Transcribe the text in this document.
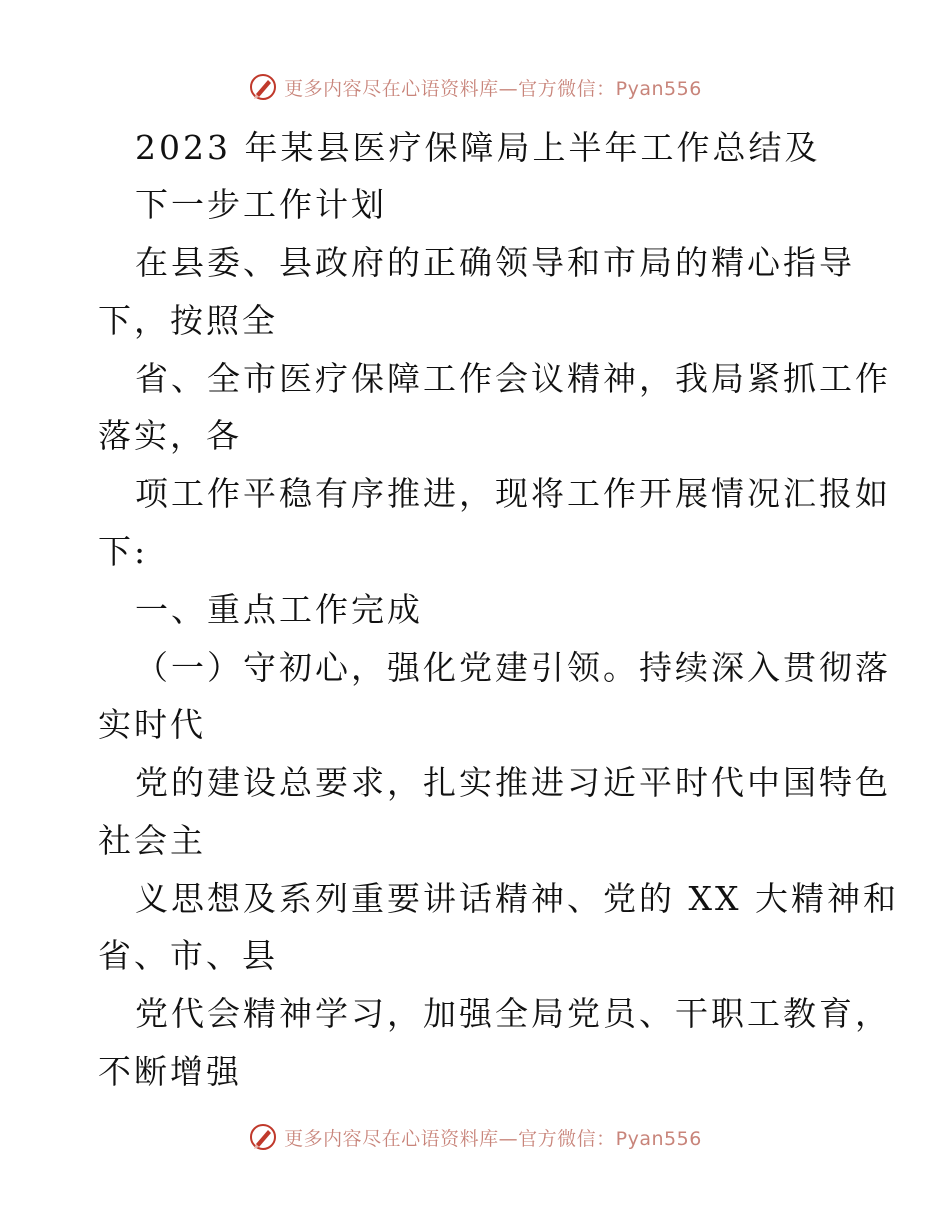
更多内容尽在心语资料库—官方微信：Pyan556
2023 年某县医疗保障局上半年工作总结及
下一步工作计划
在县委、县政府的正确领导和市局的精心指导
下，按照全
省、全市医疗保障工作会议精神，我局紧抓工作
落实，各
项工作平稳有序推进，现将工作开展情况汇报如
下:
一、重点工作完成
（一）守初心，强化党建引领。持续深入贯彻落
实时代
党的建设总要求，扎实推进习近平时代中国特色
社会主
义思想及系列重要讲话精神、党的 XX 大精神和
省、市、县
党代会精神学习，加强全局党员、干职工教育，
不断增强
更多内容尽在心语资料库—官方微信：Pyan556
